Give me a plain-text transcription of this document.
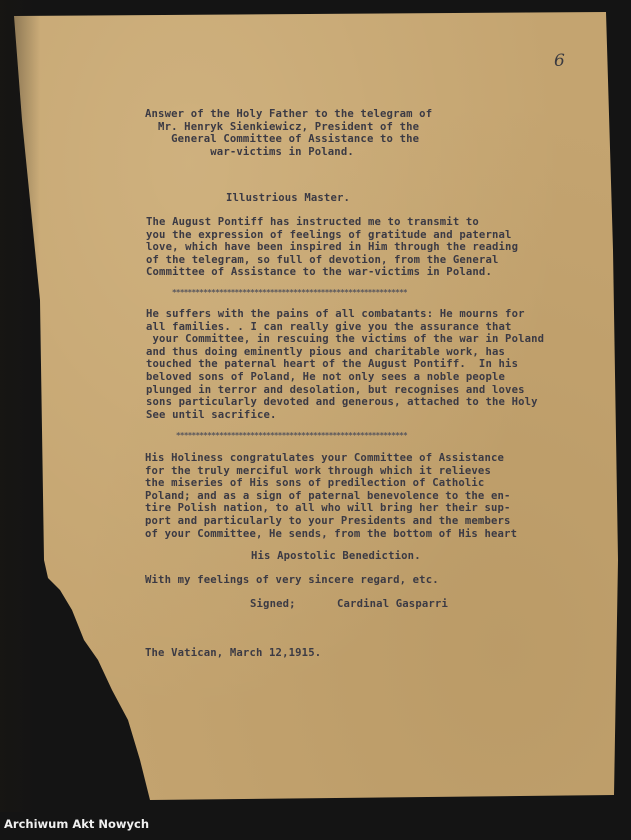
6
Answer of the Holy Father to the telegram of
Mr. Henryk Sienkiewicz, President of the
General Committee of Assistance to the
war-victims in Poland.
Illustrious Master.
The August Pontiff has instructed me to transmit to
you the expression of feelings of gratitude and paternal
love, which have been inspired in Him through the reading
of the telegram, so full of devotion, from the General
Committee of Assistance to the war-victims in Poland.
************************************************************
He suffers with the pains of all combatants: He mourns for
all families. . I can really give you the assurance that
your Committee, in rescuing the victims of the war in Poland
and thus doing eminently pious and charitable work, has
touched the paternal heart of the August Pontiff.  In his
beloved sons of Poland, He not only sees a noble people
plunged in terror and desolation, but recognises and loves
sons particularly devoted and generous, attached to the Holy
See until sacrifice.
***********************************************************
His Holiness congratulates your Committee of Assistance
for the truly merciful work through which it relieves
the miseries of His sons of predilection of Catholic
Poland; and as a sign of paternal benevolence to the en-
tire Polish nation, to all who will bring her their sup-
port and particularly to your Presidents and the members
of your Committee, He sends, from the bottom of His heart
His Apostolic Benediction.
With my feelings of very sincere regard, etc.
Signed;	Cardinal Gasparri
The Vatican, March 12,1915.
Archiwum Akt Nowych
